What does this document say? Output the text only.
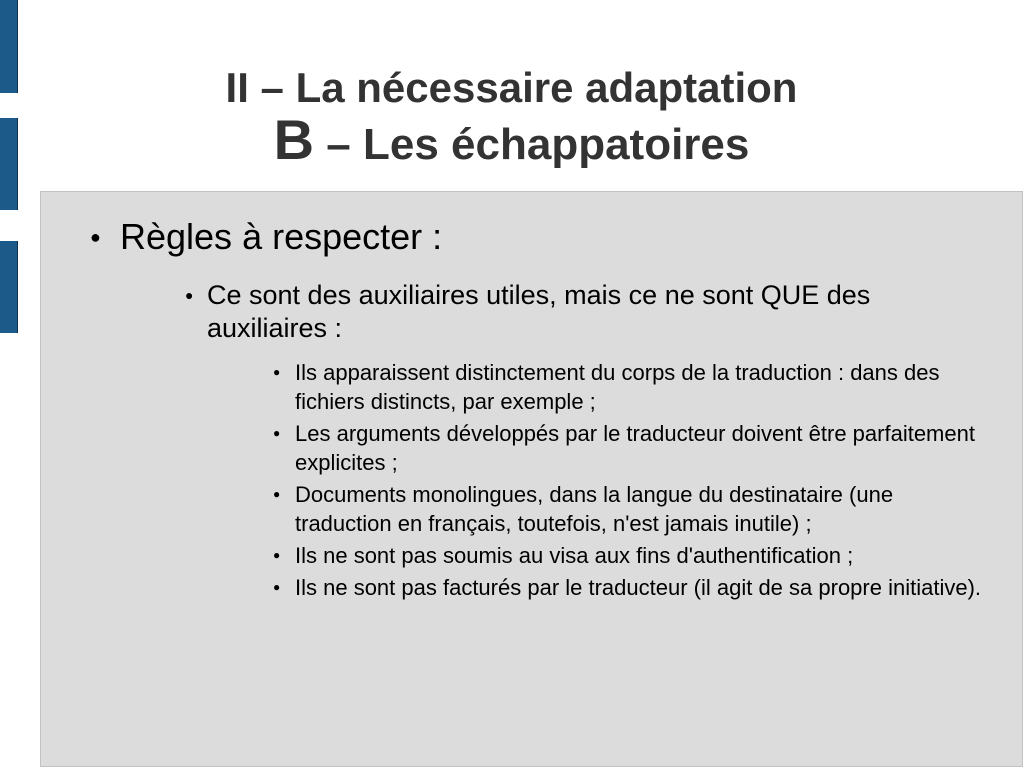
II – La nécessaire adaptation
B – Les échappatoires
● Règles à respecter :
● Ce sont des auxiliaires utiles, mais ce ne sont QUE des auxiliaires :
● Ils apparaissent distinctement du corps de la traduction : dans des fichiers distincts, par exemple ;
● Les arguments développés par le traducteur doivent être parfaitement explicites ;
● Documents monolingues, dans la langue du destinataire (une traduction en français, toutefois, n'est jamais inutile) ;
● Ils ne sont pas soumis au visa aux fins d'authentification ;
● Ils ne sont pas facturés par le traducteur (il agit de sa propre initiative).
